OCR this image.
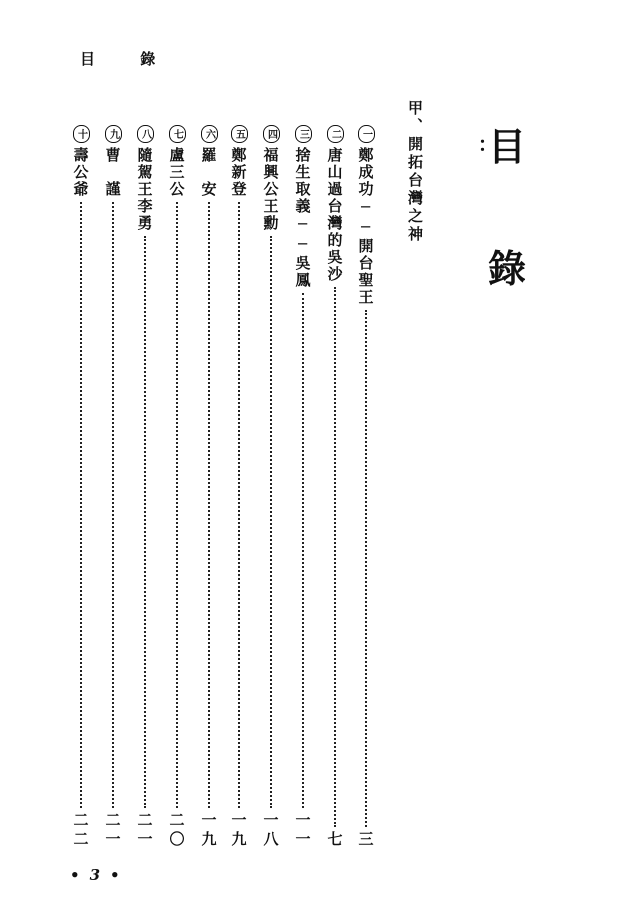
目 錄
目
錄
：
甲、開拓台灣之神
一
鄭成功──開台聖王
三
二
唐山過台灣的吳沙
七
三
捨生取義──吳鳳
一一
四
福興公王勳
一八
五
鄭新登
一九
六
羅　安
一九
七
盧三公
二〇
八
隨駕王李勇
二一
九
曹　謹
二一
十
壽公爺
二二
• 3 •
